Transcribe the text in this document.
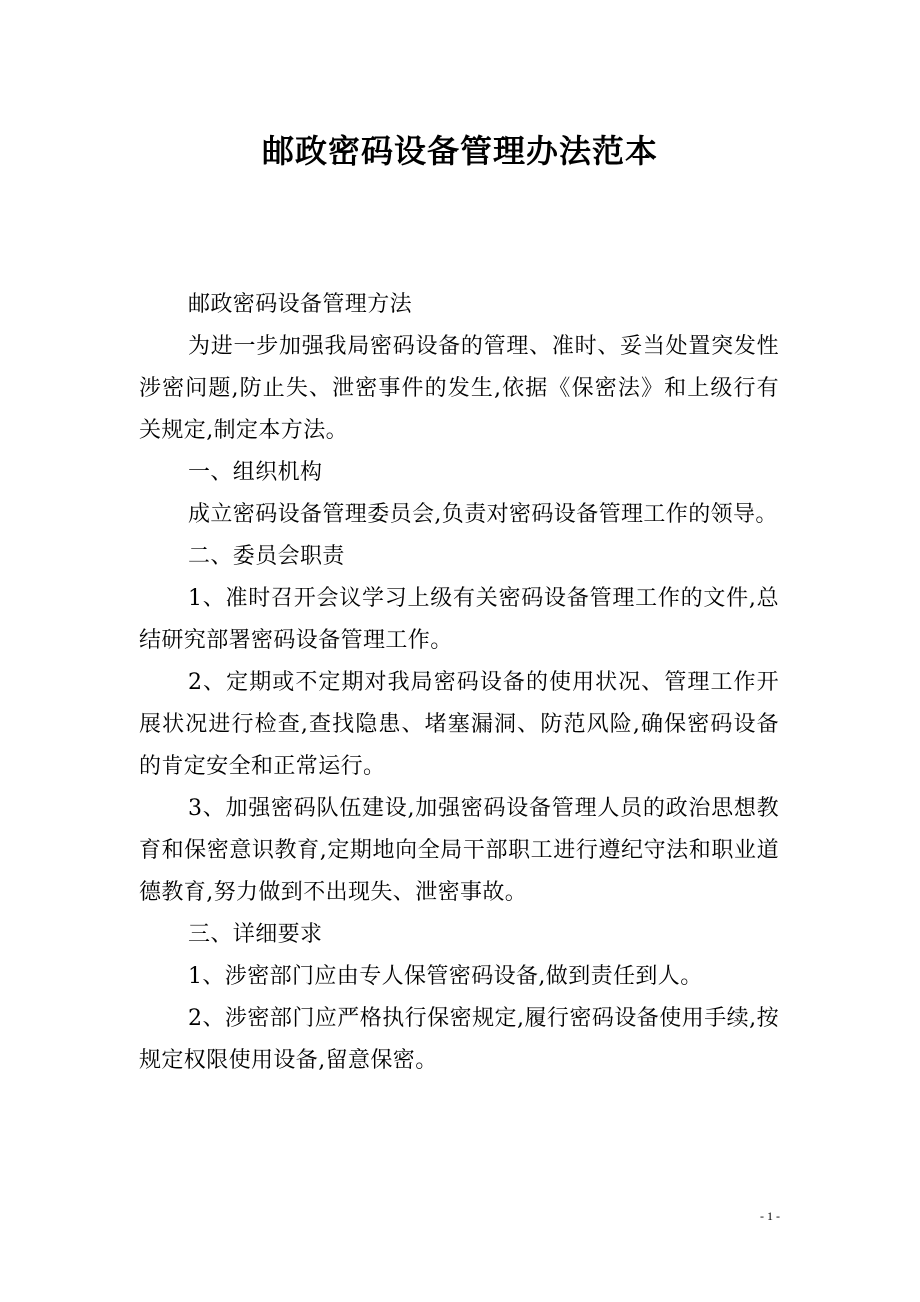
邮政密码设备管理办法范本

邮政密码设备管理方法

为进一步加强我局密码设备的管理、准时、妥当处置突发性涉密问题,防止失、泄密事件的发生,依据《保密法》和上级行有关规定,制定本方法。

一、组织机构

成立密码设备管理委员会,负责对密码设备管理工作的领导。

二、委员会职责

1、准时召开会议学习上级有关密码设备管理工作的文件,总结研究部署密码设备管理工作。

2、定期或不定期对我局密码设备的使用状况、管理工作开展状况进行检查,查找隐患、堵塞漏洞、防范风险,确保密码设备的肯定安全和正常运行。

3、加强密码队伍建设,加强密码设备管理人员的政治思想教育和保密意识教育,定期地向全局干部职工进行遵纪守法和职业道德教育,努力做到不出现失、泄密事故。

三、详细要求

1、涉密部门应由专人保管密码设备,做到责任到人。

2、涉密部门应严格执行保密规定,履行密码设备使用手续,按规定权限使用设备,留意保密。

- 1 -
